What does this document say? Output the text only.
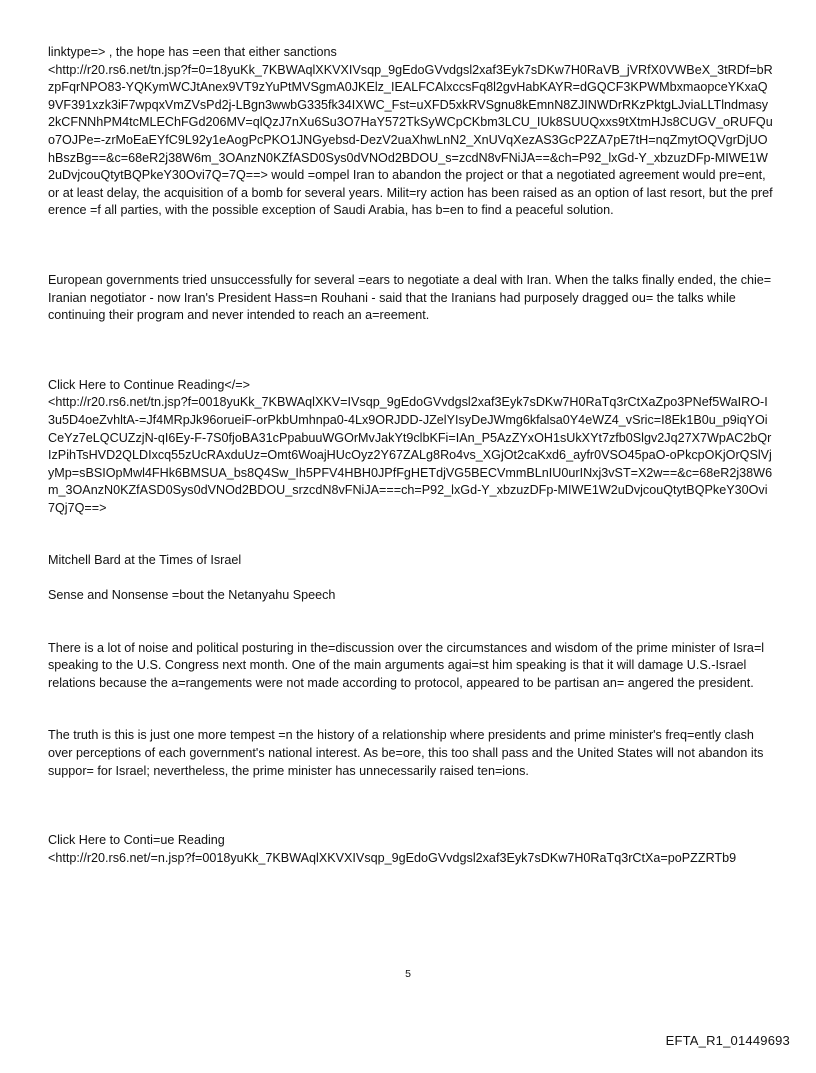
linktype=> , the hope has =een that either sanctions
<http://r20.rs6.net/tn.jsp?f=0=18yuKk_7KBWAqlXKVXIVsqp_9gEdoGVvdgsl2xaf3Eyk7sDKw7H0RaVB_jVRfX0VWBeX_3tRDf=bRzpFqrNPO83-YQKymWCJtAnex9VT9zYuPtMVSgmA0JKElz_IEALFCAlxccsFq8l2gvHabKAYR=dGQCF3KPWMbxmaopceYKxaQ9VF391xzk3iF7wpqxVmZVsPd2j-LBgn3wwbG335fk34IXWC_Fst=uXFD5xkRVSgnu8kEmnN8ZJINWDrRKzPktgLJviaLLTlndmasy2kCFNNhPM4tcMLEChFGd206MV=qlQzJ7nXu6Su3O7HaY572TkSyWCpCKbm3LCU_IUk8SUUQxxs9tXtmHJs8CUGV_oRUFQuo7OJPe=-zrMoEaEYfC9L92y1eAogPcPKO1JNGyebsd-DezV2uaXhwLnN2_XnUVqXezAS3GcP2ZA7pE7tH=nqZmytOQVgrDjUOhBszBg==&c=68eR2j38W6m_3OAnzN0KZfASD0Sys0dVNOd2BDOU_s=zcdN8vFNiJA==&ch=P92_lxGd-Y_xbzuzDFp-MIWE1W2uDvjcouQtytBQPkeY30Ovi7Q=7Q==> would =ompel Iran to abandon the project or that a negotiated agreement would pre=ent, or at least delay, the acquisition of a bomb for several years. Milit=ry action has been raised as an option of last resort, but the preference =f all parties, with the possible exception of Saudi Arabia, has b=en to find a peaceful solution.

European governments tried unsuccessfully for several =ears to negotiate a deal with Iran. When the talks finally ended, the chie= Iranian negotiator - now Iran's President Hass=n Rouhani - said that the Iranians had purposely dragged ou= the talks while continuing their program and never intended to reach an a=reement.

Click Here to Continue Reading</=>
<http://r20.rs6.net/tn.jsp?f=0018yuKk_7KBWAqlXKV=IVsqp_9gEdoGVvdgsl2xaf3Eyk7sDKw7H0RaTq3rCtXaZpo3PNef5WaIRO-I3u5D4oeZvhltA-=Jf4MRpJk96orueiF-orPkbUmhnpa0-4Lx9ORJDD-JZelYIsyDeJWmg6kfalsa0Y4eWZ4_vSric=I8Ek1B0u_p9iqYOiCeYz7eLQCUZzjN-qI6Ey-F-7S0fjoBA31cPpabuuWGOrMvJakYt9clbKFi=IAn_P5AzZYxOH1sUkXYt7zfb0Slgv2Jq27X7WpAC2bQrIzPihTsHVD2QLDIxcq55zUcRAxduUz=Omt6WoajHUcOyz2Y67ZALg8Ro4vs_XGjOt2caKxd6_ayfr0VSO45paO-oPkcpOKjOrQSlVjyMp=sBSIOpMwl4FHk6BMSUA_bs8Q4Sw_Ih5PFV4HBH0JPfFgHETdjVG5BECVmmBLnIU0urINxj3vST=X2w==&c=68eR2j38W6m_3OAnzN0KZfASD0Sys0dVNOd2BDOU_srzcdN8vFNiJA===ch=P92_lxGd-Y_xbzuzDFp-MIWE1W2uDvjcouQtytBQPkeY30Ovi7Qj7Q==>

Mitchell Bard at the Times of Israel

Sense and Nonsense =bout the Netanyahu Speech

There is a lot of noise and political posturing in the=discussion over the circumstances and wisdom of the prime minister of Isra=l speaking to the U.S. Congress next month. One of the main arguments agai=st him speaking is that it will damage U.S.-Israel relations because the a=rangements were not made according to protocol, appeared to be partisan an= angered the president.

The truth is this is just one more tempest =n the history of a relationship where presidents and prime minister's freq=ently clash over perceptions of each government's national interest. As be=ore, this too shall pass and the United States will not abandon its suppor= for Israel; nevertheless, the prime minister has unnecessarily raised ten=ions.

Click Here to Conti=ue Reading
<http://r20.rs6.net/=n.jsp?f=0018yuKk_7KBWAqlXKVXIVsqp_9gEdoGVvdgsl2xaf3Eyk7sDKw7H0RaTq3rCtXa=poPZZRTb9

5
EFTA_R1_01449693
